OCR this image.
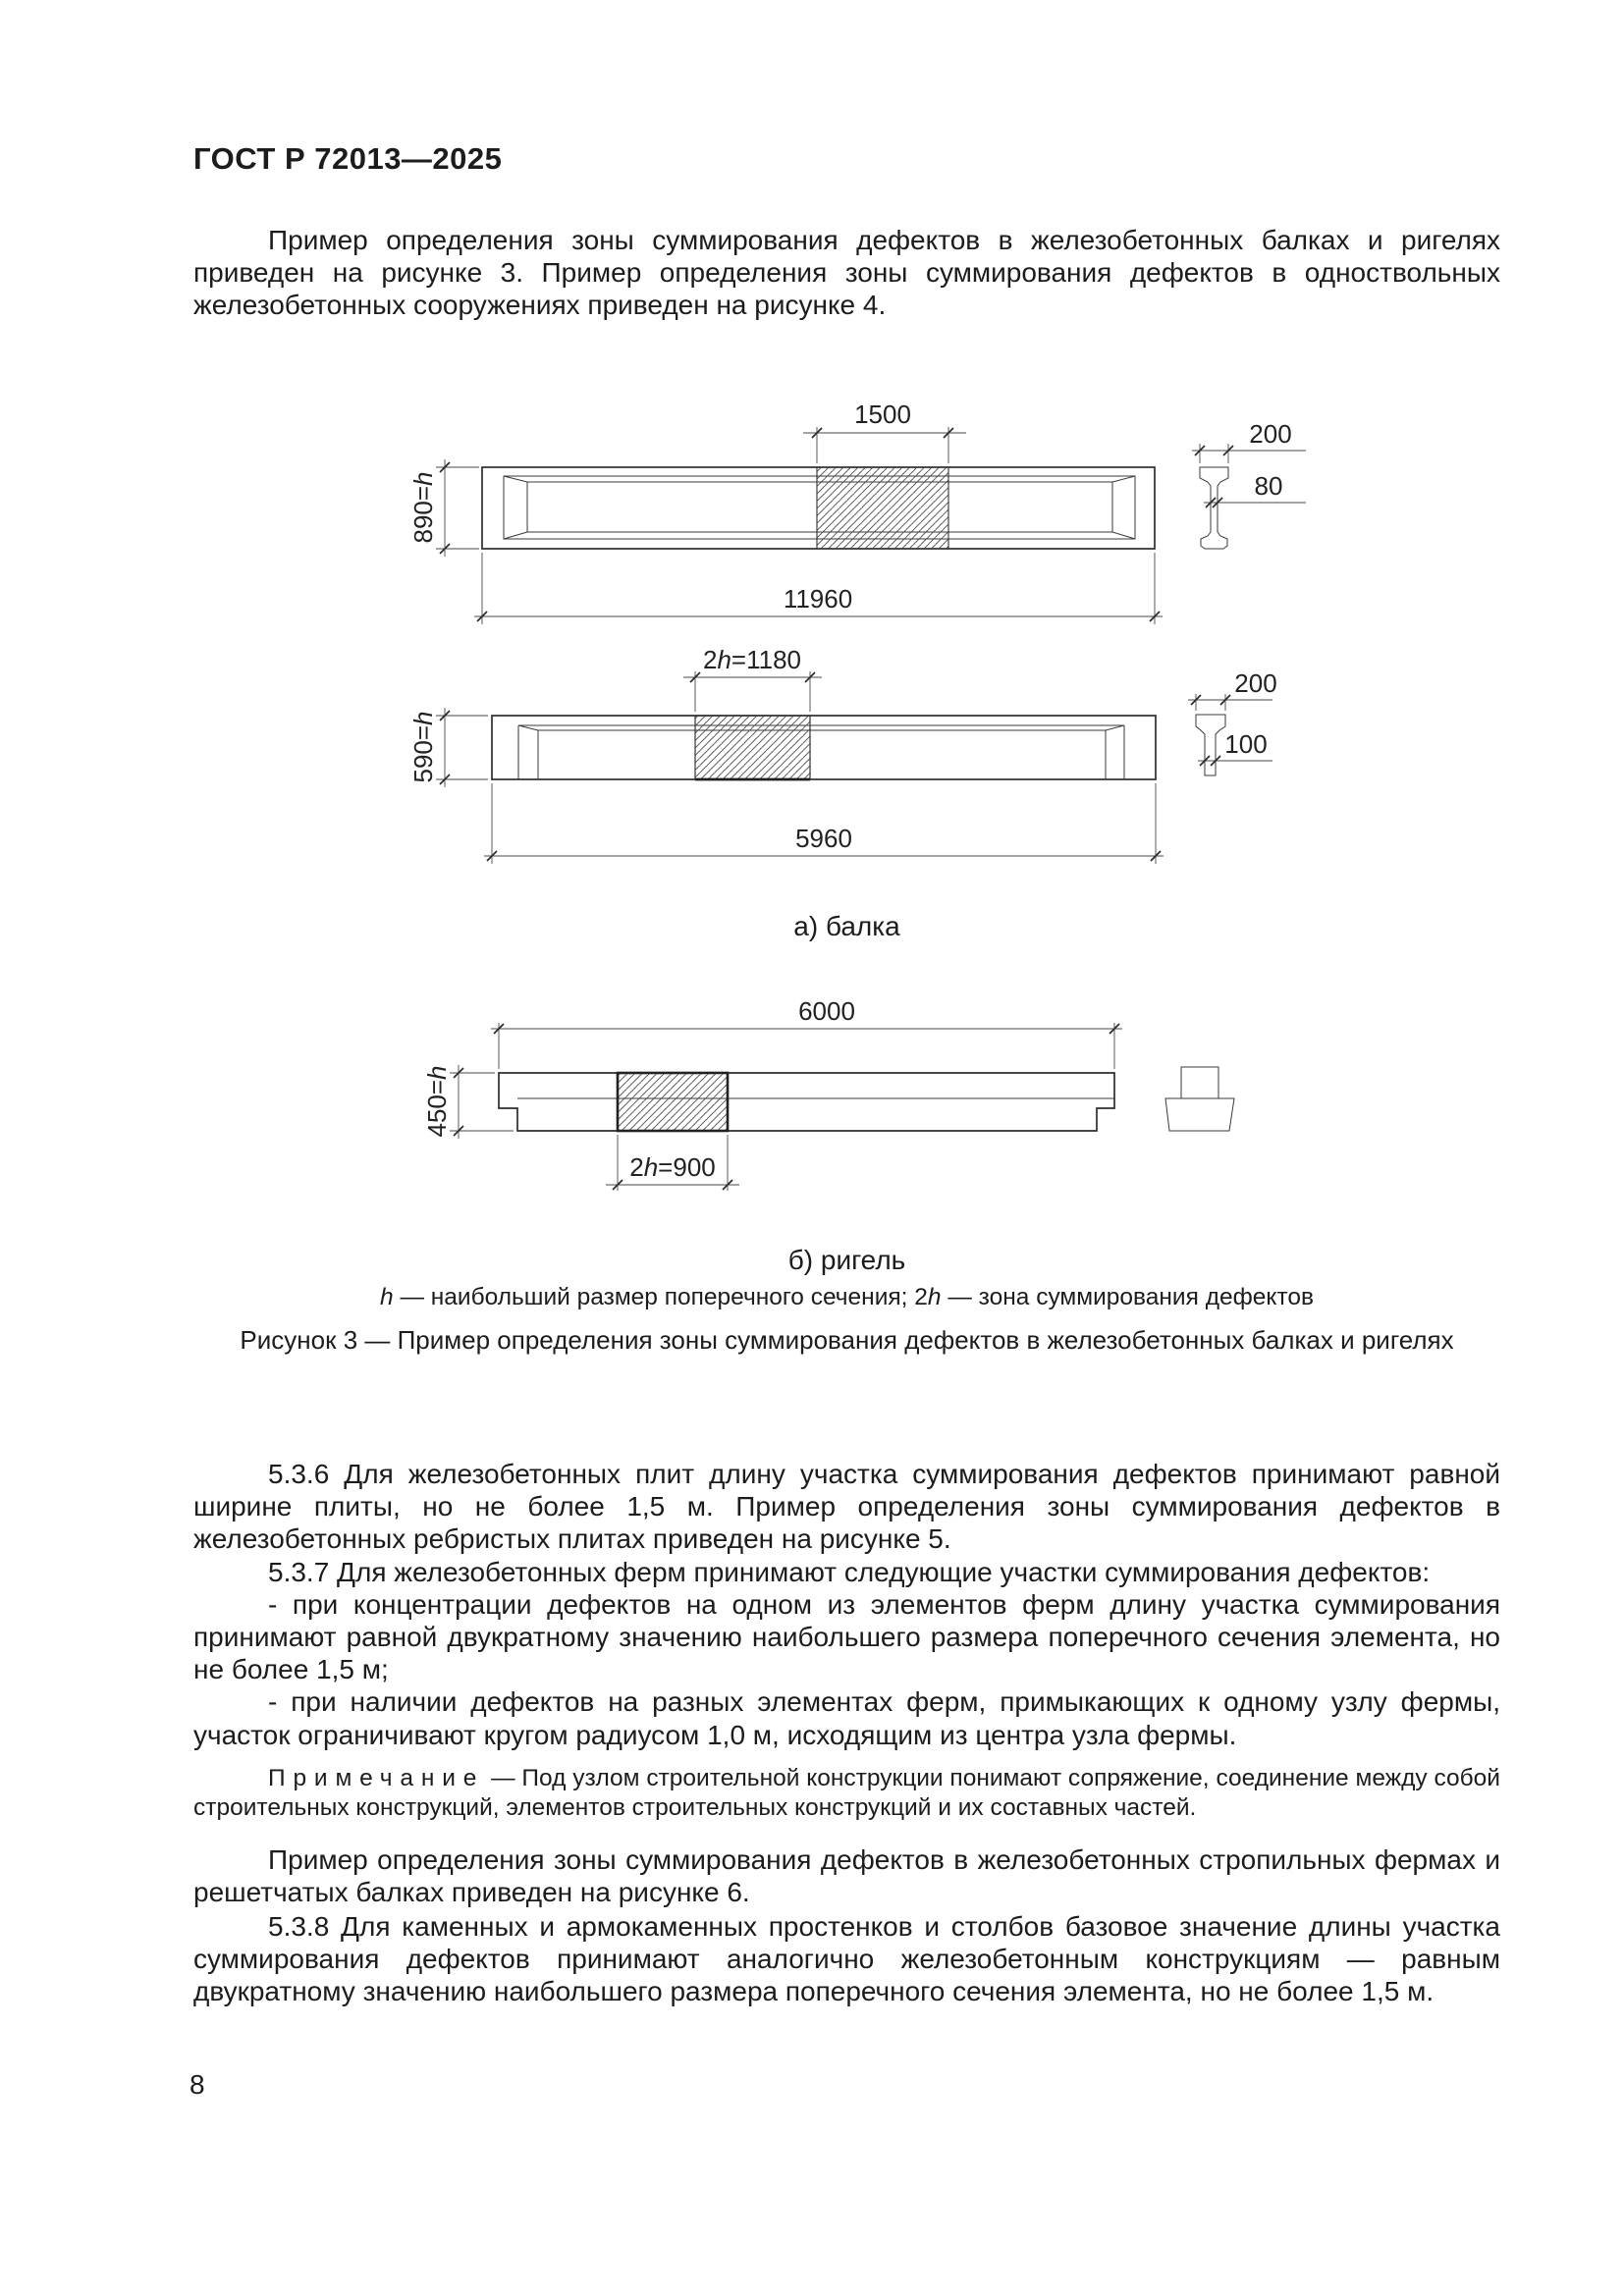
ГОСТ Р 72013—2025

Пример определения зоны суммирования дефектов в железобетонных балках и ригелях приведен на рисунке 3. Пример определения зоны суммирования дефектов в одноствольных железобетонных сооружениях приведен на рисунке 4.

1500
890=h
11960
200
80
2h=1180
590=h
5960
200
100
6000
450=h
2h=900
а) балка
б) ригель
h — наибольший размер поперечного сечения; 2h — зона суммирования дефектов
Рисунок 3 — Пример определения зоны суммирования дефектов в железобетонных балках и ригелях

5.3.6 Для железобетонных плит длину участка суммирования дефектов принимают равной ширине плиты, но не более 1,5 м. Пример определения зоны суммирования дефектов в железобетонных ребристых плитах приведен на рисунке 5.

5.3.7 Для железобетонных ферм принимают следующие участки суммирования дефектов:

- при концентрации дефектов на одном из элементов ферм длину участка суммирования принимают равной двукратному значению наибольшего размера поперечного сечения элемента, но не более 1,5 м;

- при наличии дефектов на разных элементах ферм, примыкающих к одному узлу фермы, участок ограничивают кругом радиусом 1,0 м, исходящим из центра узла фермы.

Примечание — Под узлом строительной конструкции понимают сопряжение, соединение между собой строительных конструкций, элементов строительных конструкций и их составных частей.

Пример определения зоны суммирования дефектов в железобетонных стропильных фермах и решетчатых балках приведен на рисунке 6.

5.3.8 Для каменных и армокаменных простенков и столбов базовое значение длины участка суммирования дефектов принимают аналогично железобетонным конструкциям — равным двукратному значению наибольшего размера поперечного сечения элемента, но не более 1,5 м.

8
